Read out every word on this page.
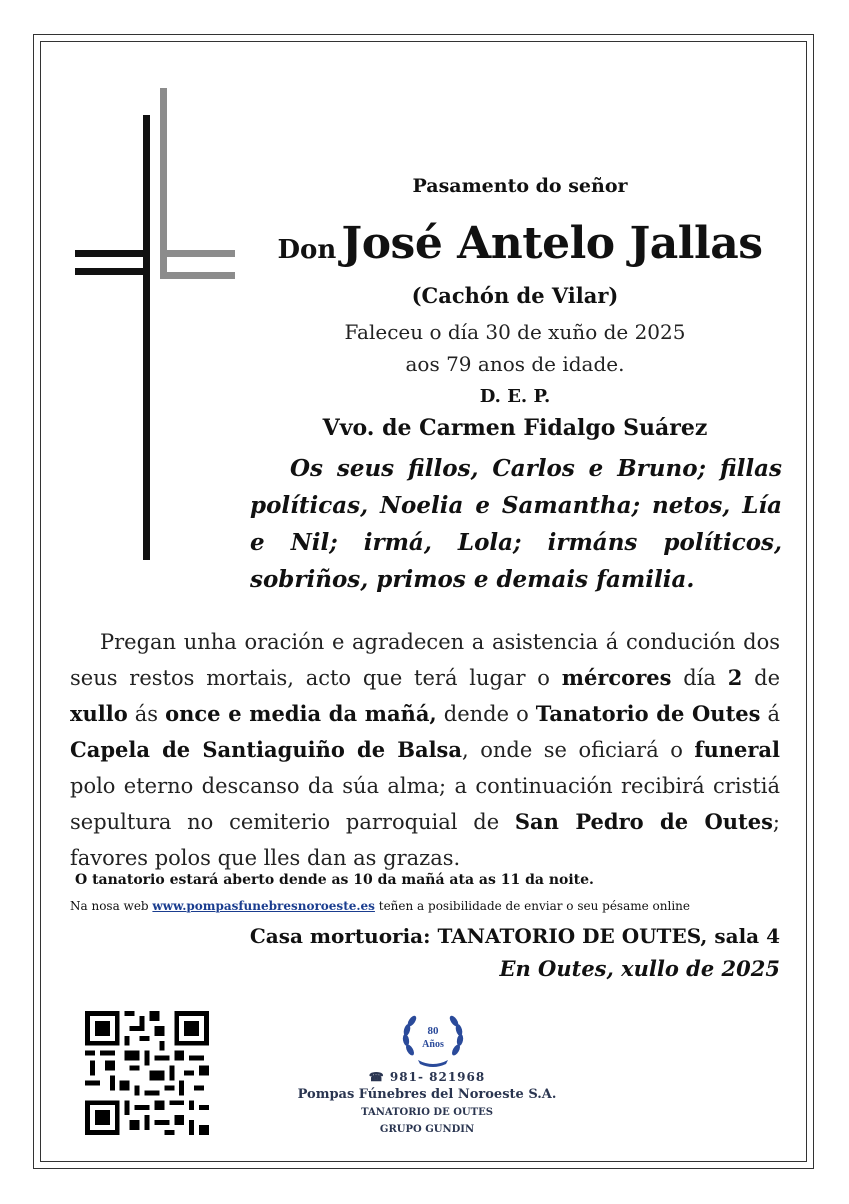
Pasamento do señor
Don José Antelo Jallas
(Cachón de Vilar)
Faleceu o día 30 de xuño de 2025
aos 79 anos de idade.
D. E. P.
Vvo. de Carmen Fidalgo Suárez
Os seus fillos, Carlos e Bruno; fillas políticas, Noelia e Samantha; netos, Lía e Nil; irmá, Lola; irmáns políticos, sobriños, primos e demais familia.
Pregan unha oración e agradecen a asistencia á condución dos seus restos mortais, acto que terá lugar o mércores día 2 de xullo ás once e media da mañá, dende o Tanatorio de Outes á Capela de Santiaguiño de Balsa, onde se oficiará o funeral polo eterno descanso da súa alma; a continuación recibirá cristiá sepultura no cemiterio parroquial de San Pedro de Outes; favores polos que lles dan as grazas.
O tanatorio estará aberto dende as 10 da mañá ata as 11 da noite.
Na nosa web www.pompasfunebresnoroeste.es teñen a posibilidade de enviar o seu pésame online
Casa mortuoria: TANATORIO DE OUTES, sala 4
En Outes, xullo de 2025
80
Años
☎ 981- 821968
Pompas Fúnebres del Noroeste S.A.
TANATORIO DE OUTES
GRUPO GUNDIN
